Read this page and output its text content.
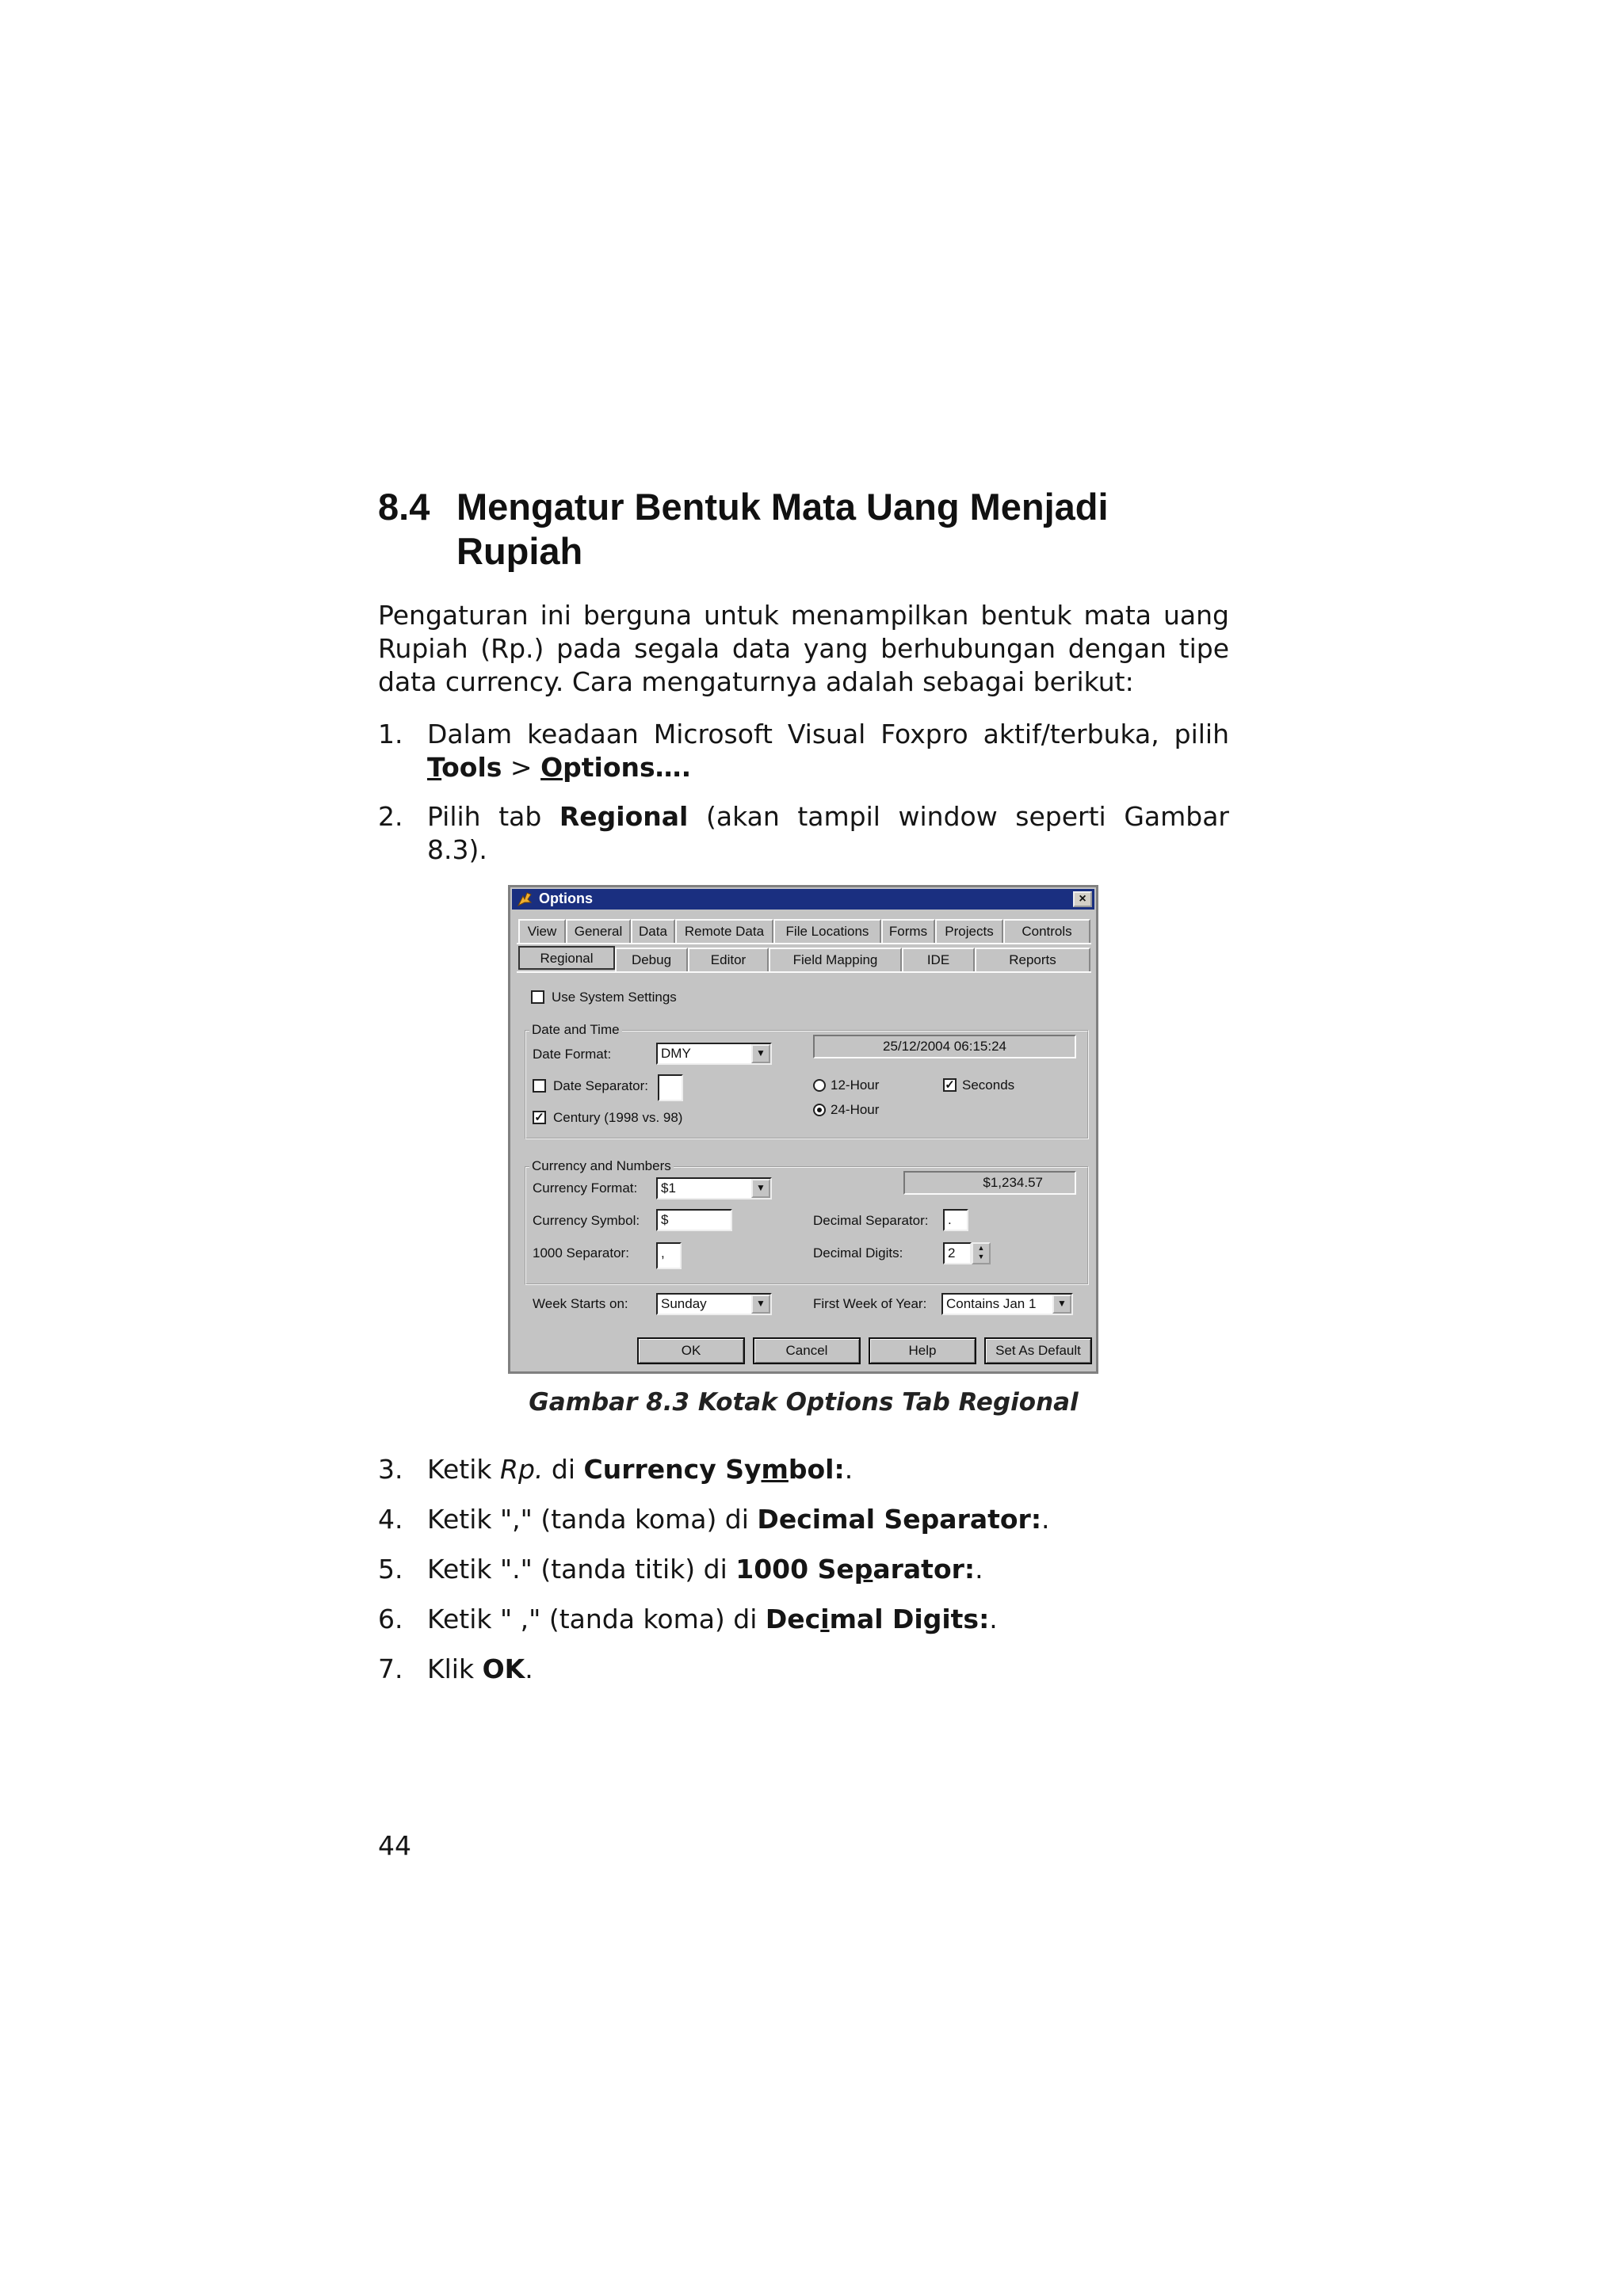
8.4 Mengatur Bentuk Mata Uang Menjadi Rupiah
Pengaturan ini berguna untuk menampilkan bentuk mata uang Rupiah (Rp.) pada segala data yang berhubungan dengan tipe data currency. Cara mengaturnya adalah sebagai berikut:
1. Dalam keadaan Microsoft Visual Foxpro aktif/terbuka, pilih Tools > Options….
2. Pilih tab Regional (akan tampil window seperti Gambar 8.3).
Options	×
View	General	Data	Remote Data	File Locations	Forms	Projects	Controls
Regional	Debug	Editor	Field Mapping	IDE	Reports
Use System Settings
Date and Time
Date Format:	DMY	▼	25/12/2004 06:15:24
Date Separator:	12-Hour	✓ Seconds
24-Hour
✓ Century (1998 vs. 98)
Currency and Numbers
Currency Format:	$1	▼	$1,234.57
Currency Symbol:	$	Decimal Separator:	.
1000 Separator:	,	Decimal Digits:	2	▲
▼
Week Starts on:	Sunday	▼	First Week of Year:	Contains Jan 1	▼
OK	Cancel	Help	Set As Default
Gambar 8.3 Kotak Options Tab Regional
3. Ketik Rp. di Currency Symbol:.
4. Ketik "," (tanda koma) di Decimal Separator:.
5. Ketik "." (tanda titik) di 1000 Separator:.
6. Ketik " ," (tanda koma) di Decimal Digits:.
7. Klik OK.
44
